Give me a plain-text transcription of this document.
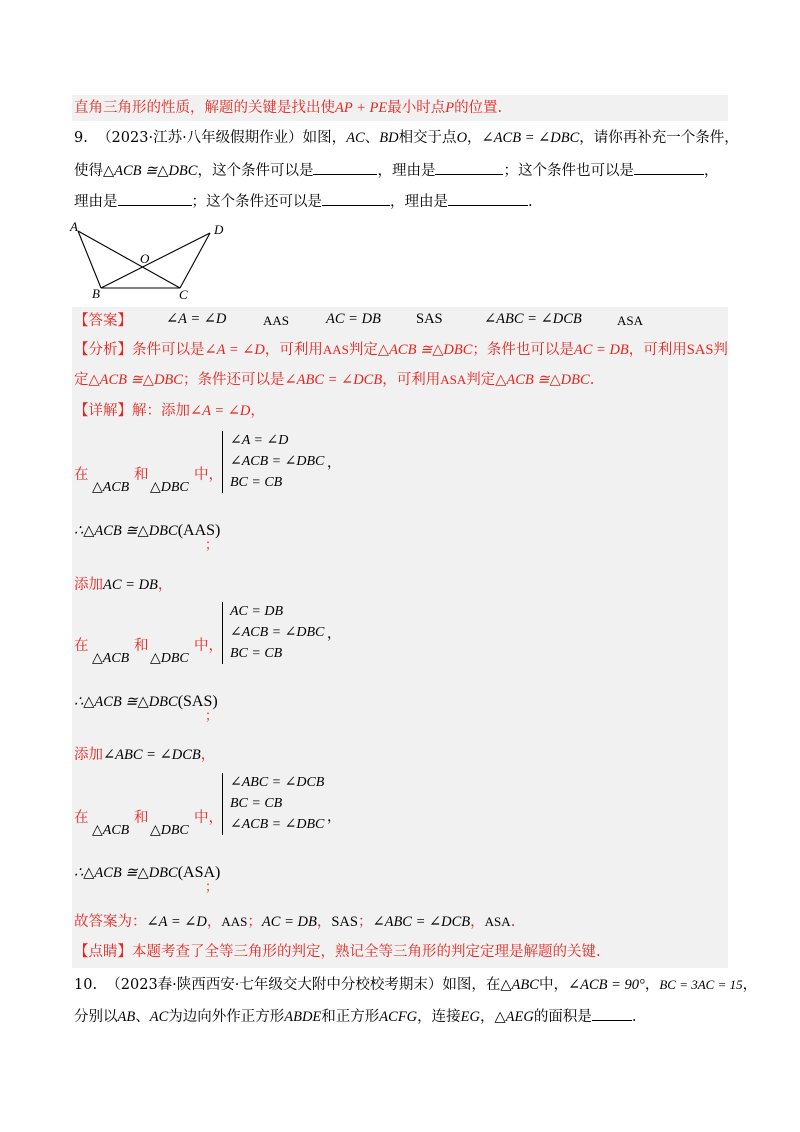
直角三角形的性质，解题的关键是找出使AP + PE最小时点P的位置.
9. （2023·江苏·八年级假期作业）如图，AC、BD相交于点O，∠ACB = ∠DBC，请你再补充一个条件，
使得△ACB ≅△DBC，这个条件可以是	，理由是	；这个条件也可以是	，
理由是	；这个条件还可以是	，理由是	.
A
B	C
D
O
【答案】 ∠A = ∠D	AAS	AC = DB SAS	∠ABC = ∠DCB	ASA
【分析】条件可以是∠A = ∠D，可利用AAS判定△ACB ≅△DBC；条件也可以是AC = DB，可利用SAS判
定△ACB ≅△DBC；条件还可以是∠ABC = ∠DCB，可利用ASA判定△ACB ≅△DBC.
【详解】解：添加∠A = ∠D，
在	和	中，
△ACB △DBC
∠A = ∠D
∠ACB = ∠DBC
BC = CB
，
∴△ACB ≅△DBC(AAS)
；
添加AC = DB，
在	和	中，
△ACB △DBC
AC = DB
∠ACB = ∠DBC
BC = CB
，
∴△ACB ≅△DBC(SAS)
；
添加∠ABC = ∠DCB，
在	和	中，
△ACB △DBC
∠ABC = ∠DCB
BC = CB
∠ACB = ∠DBC ，
∴△ACB ≅△DBC(ASA)
；
故答案为：∠A = ∠D，AAS；AC = DB，SAS；∠ABC = ∠DCB，ASA.
【点睛】本题考查了全等三角形的判定，熟记全等三角形的判定定理是解题的关键.
10. （2023春·陕西西安·七年级交大附中分校校考期末）如图，在△ABC中，∠ACB = 90°，BC = 3AC = 15，
分别以AB、AC为边向外作正方形ABDE和正方形ACFG，连接EG，△AEG的面积是	.
